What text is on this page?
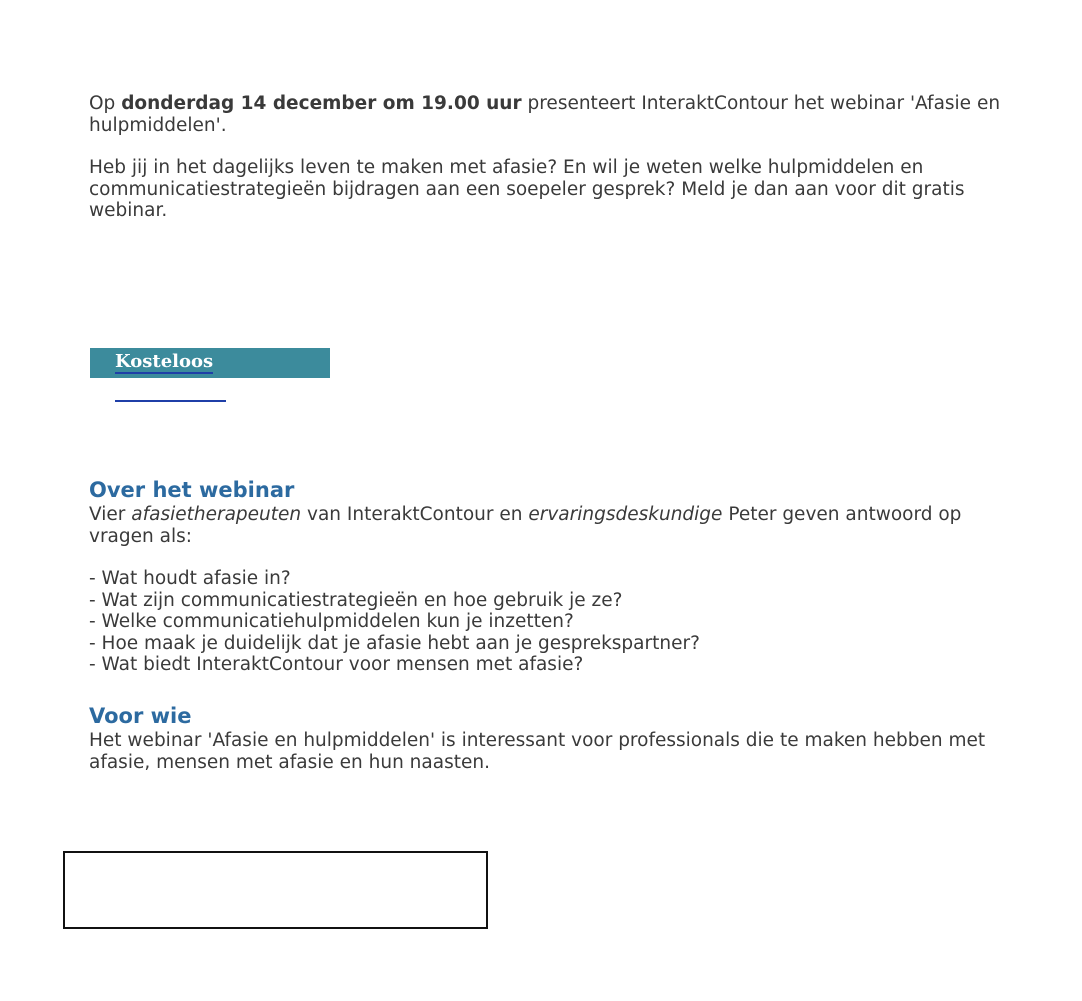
Op donderdag 14 december om 19.00 uur presenteert InteraktContour het webinar 'Afasie en hulpmiddelen'.

Heb jij in het dagelijks leven te maken met afasie? En wil je weten welke hulpmiddelen en communicatiestrategieën bijdragen aan een soepeler gesprek? Meld je dan aan voor dit gratis webinar.

Kosteloos aanmelden
Over het webinar

Vier afasietherapeuten van InteraktContour en ervaringsdeskundige Peter geven antwoord op vragen als:

- Wat houdt afasie in?
- Wat zijn communicatiestrategieën en hoe gebruik je ze?
- Welke communicatiehulpmiddelen kun je inzetten?
- Hoe maak je duidelijk dat je afasie hebt aan je gesprekspartner?
- Wat biedt InteraktContour voor mensen met afasie?
Voor wie

Het webinar 'Afasie en hulpmiddelen' is interessant voor professionals die te maken hebben met afasie, mensen met afasie en hun naasten.
